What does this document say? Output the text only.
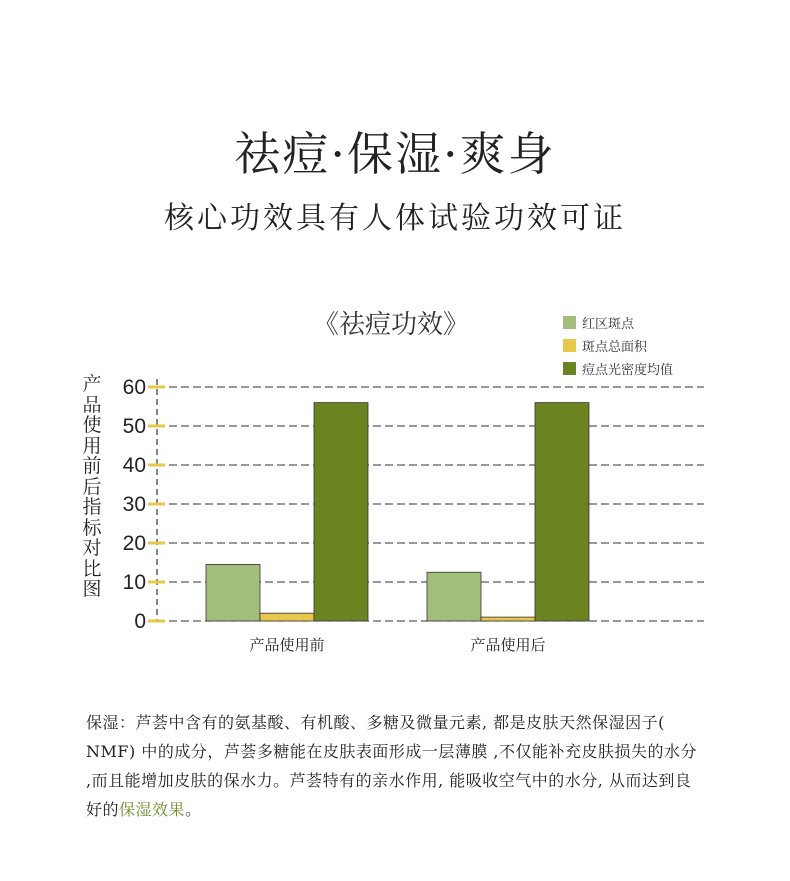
祛痘·保湿·爽身
核心功效具有人体试验功效可证
《祛痘功效》	红区斑点
斑点总面积
痘点光密度均值
产品使用前后指标对比图
0
10
20
30
40
50
60
产品使用前	产品使用后
保湿：芦荟中含有的氨基酸、有机酸、多糖及微量元素, 都是皮肤天然保湿因子( NMF) 中的成分，芦荟多糖能在皮肤表面形成一层薄膜 ,不仅能补充皮肤损失的水分 ,而且能增加皮肤的保水力。芦荟特有的亲水作用, 能吸收空气中的水分, 从而达到良好的保湿效果。
